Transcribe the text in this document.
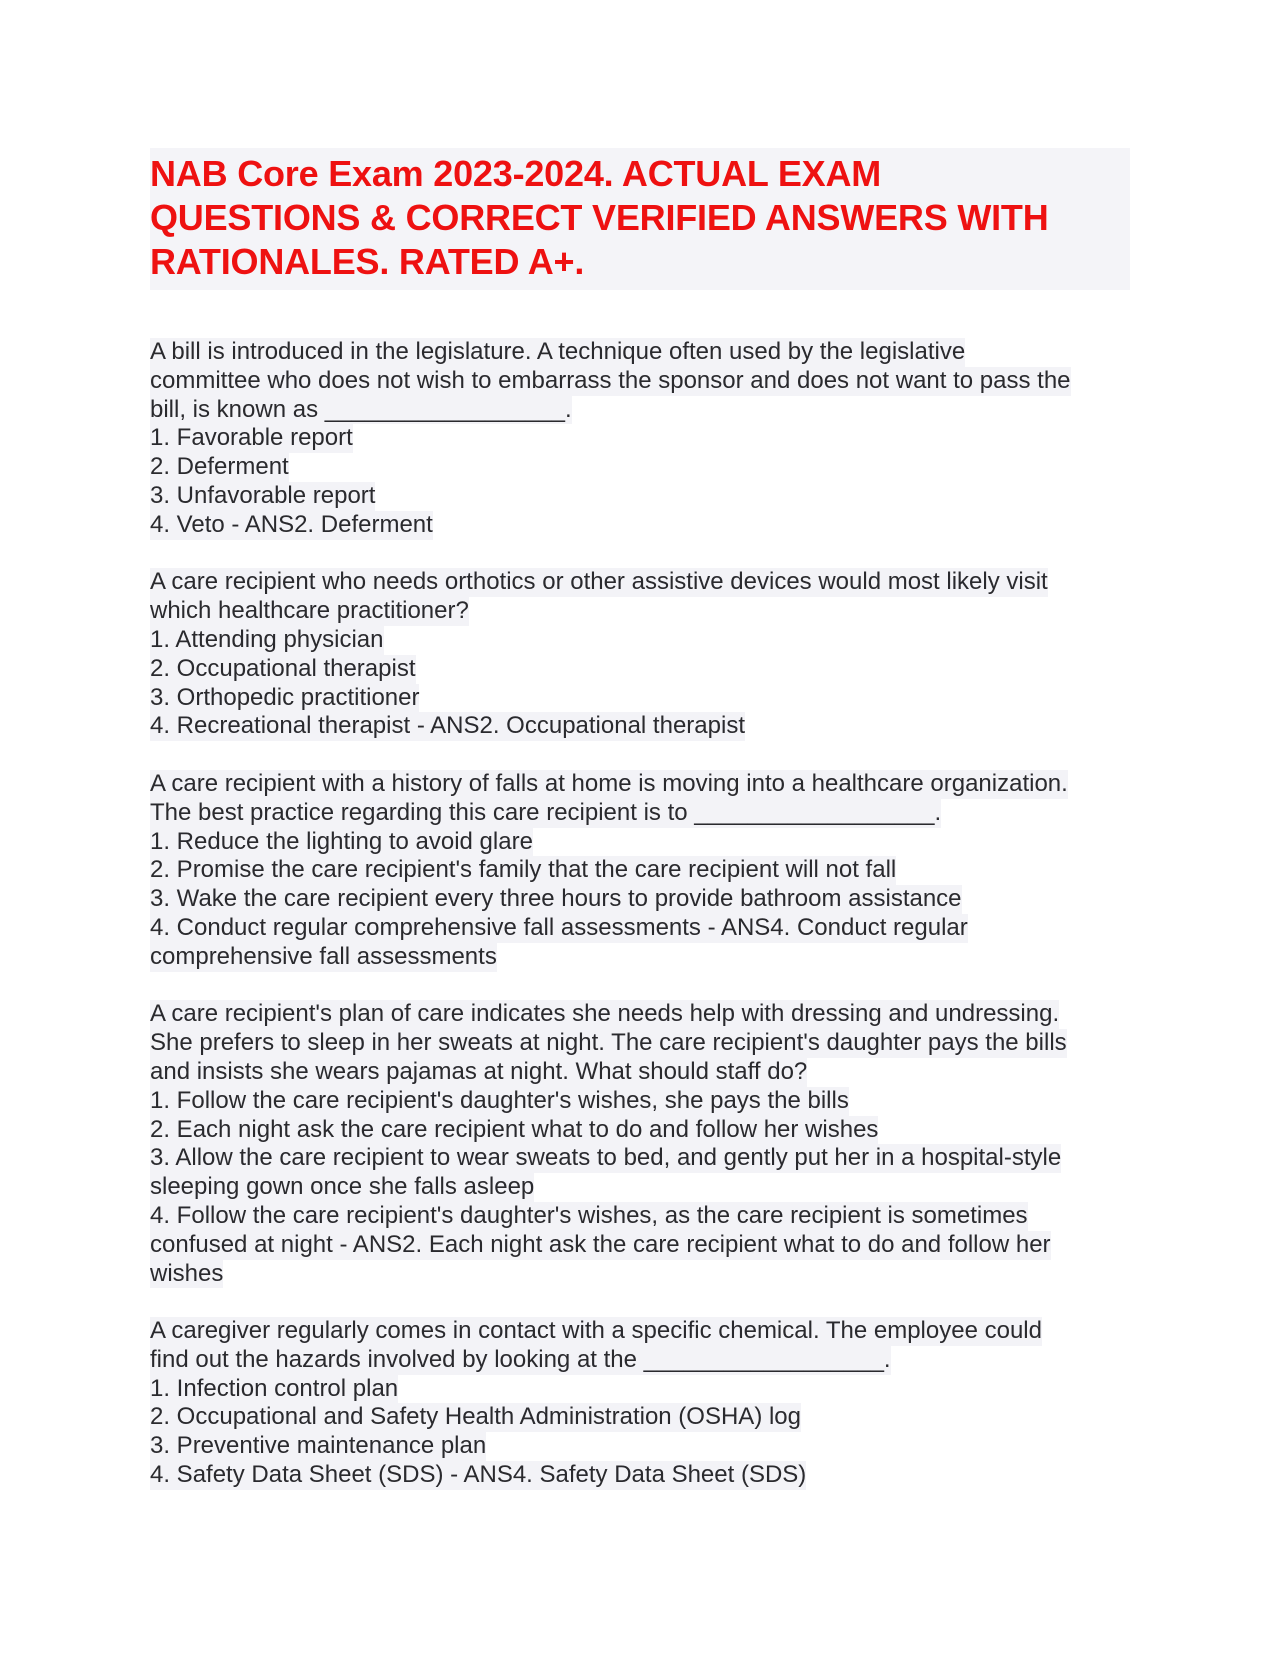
NAB Core Exam 2023-2024. ACTUAL EXAM
QUESTIONS & CORRECT VERIFIED ANSWERS WITH
RATIONALES. RATED A+.
A bill is introduced in the legislature. A technique often used by the legislative
committee who does not wish to embarrass the sponsor and does not want to pass the
bill, is known as __________________.
1. Favorable report
2. Deferment
3. Unfavorable report
4. Veto - ANS2. Deferment
A care recipient who needs orthotics or other assistive devices would most likely visit
which healthcare practitioner?
1. Attending physician
2. Occupational therapist
3. Orthopedic practitioner
4. Recreational therapist - ANS2. Occupational therapist
A care recipient with a history of falls at home is moving into a healthcare organization.
The best practice regarding this care recipient is to __________________.
1. Reduce the lighting to avoid glare
2. Promise the care recipient's family that the care recipient will not fall
3. Wake the care recipient every three hours to provide bathroom assistance
4. Conduct regular comprehensive fall assessments - ANS4. Conduct regular
comprehensive fall assessments
A care recipient's plan of care indicates she needs help with dressing and undressing.
She prefers to sleep in her sweats at night. The care recipient's daughter pays the bills
and insists she wears pajamas at night. What should staff do?
1. Follow the care recipient's daughter's wishes, she pays the bills
2. Each night ask the care recipient what to do and follow her wishes
3. Allow the care recipient to wear sweats to bed, and gently put her in a hospital-style
sleeping gown once she falls asleep
4. Follow the care recipient's daughter's wishes, as the care recipient is sometimes
confused at night - ANS2. Each night ask the care recipient what to do and follow her
wishes
A caregiver regularly comes in contact with a specific chemical. The employee could
find out the hazards involved by looking at the __________________.
1. Infection control plan
2. Occupational and Safety Health Administration (OSHA) log
3. Preventive maintenance plan
4. Safety Data Sheet (SDS) - ANS4. Safety Data Sheet (SDS)
